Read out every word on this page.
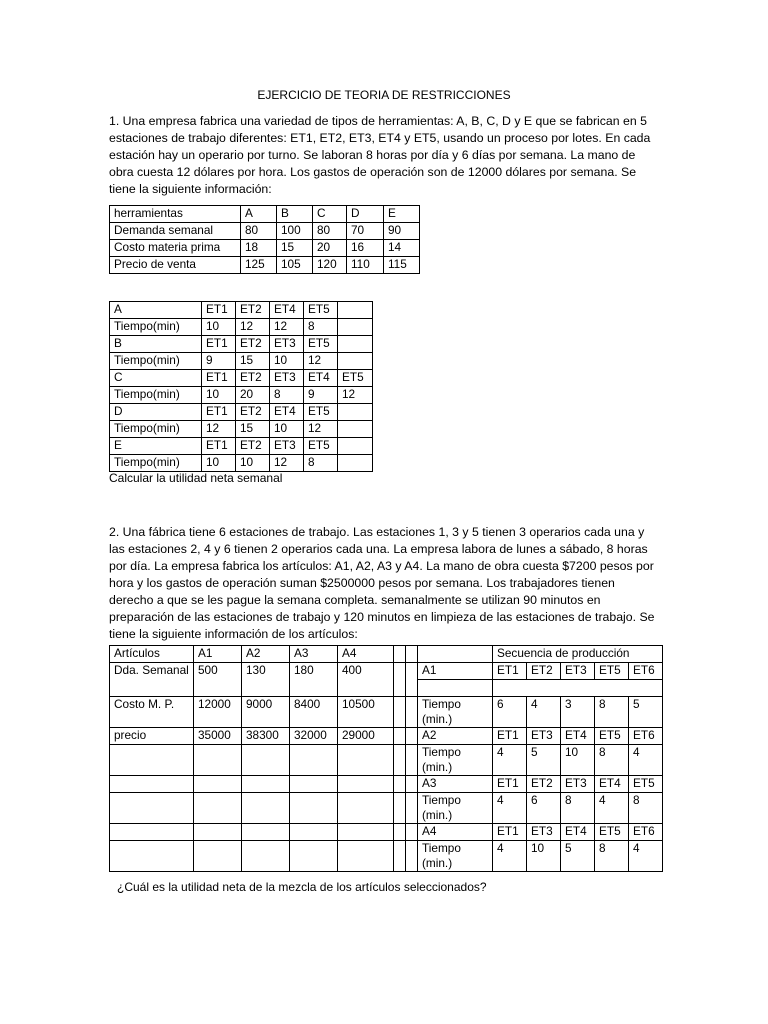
EJERCICIO DE TEORIA DE RESTRICCIONES

1. Una empresa fabrica una variedad de tipos de herramientas: A, B, C, D y E que se fabrican en 5 estaciones de trabajo diferentes: ET1, ET2, ET3, ET4 y ET5, usando un proceso por lotes. En cada estación hay un operario por turno. Se laboran 8 horas por día y 6 días por semana. La mano de obra cuesta 12 dólares por hora. Los gastos de operación son de 12000 dólares por semana. Se tiene la siguiente información:

herramientas	A	B	C	D	E
Demanda semanal	80	100	80	70	90
Costo materia prima	18	15	20	16	14
Precio de venta	125	105	120	110	115
A	ET1	ET2	ET4	ET5	
Tiempo(min)	10	12	12	8	
B	ET1	ET2	ET3	ET5	
Tiempo(min)	9	15	10	12	
C	ET1	ET2	ET3	ET4	ET5
Tiempo(min)	10	20	8	9	12
D	ET1	ET2	ET4	ET5	
Tiempo(min)	12	15	10	12	
E	ET1	ET2	ET3	ET5	
Tiempo(min)	10	10	12	8	
Calcular la utilidad neta semanal

2. Una fábrica tiene 6 estaciones de trabajo. Las estaciones 1, 3 y 5 tienen 3 operarios cada una y las estaciones 2, 4 y 6 tienen 2 operarios cada una. La empresa labora de lunes a sábado, 8 horas por día. La empresa fabrica los artículos: A1, A2, A3 y A4. La mano de obra cuesta $7200 pesos por hora y los gastos de operación suman $2500000 pesos por semana. Los trabajadores tienen derecho a que se les pague la semana completa. semanalmente se utilizan 90 minutos en preparación de las estaciones de trabajo y 120 minutos en limpieza de las estaciones de trabajo. Se tiene la siguiente información de los artículos:

Artículos	A1	A2	A3	A4				Secuencia de producción				
Dda. Semanal	500	130	180	400			A1	ET1	ET2	ET3	ET5	ET6

Costo M. P.	12000	9000	8400	10500			Tiempo (min.)	6	4	3	8	5
precio	35000	38300	32000	29000			A2	ET1	ET3	ET4	ET5	ET6
							Tiempo (min.)	4	5	10	8	4
							A3	ET1	ET2	ET3	ET4	ET5
							Tiempo (min.)	4	6	8	4	8
							A4	ET1	ET3	ET4	ET5	ET6
							Tiempo (min.)	4	10	5	8	4
¿Cuál es la utilidad neta de la mezcla de los artículos seleccionados?
